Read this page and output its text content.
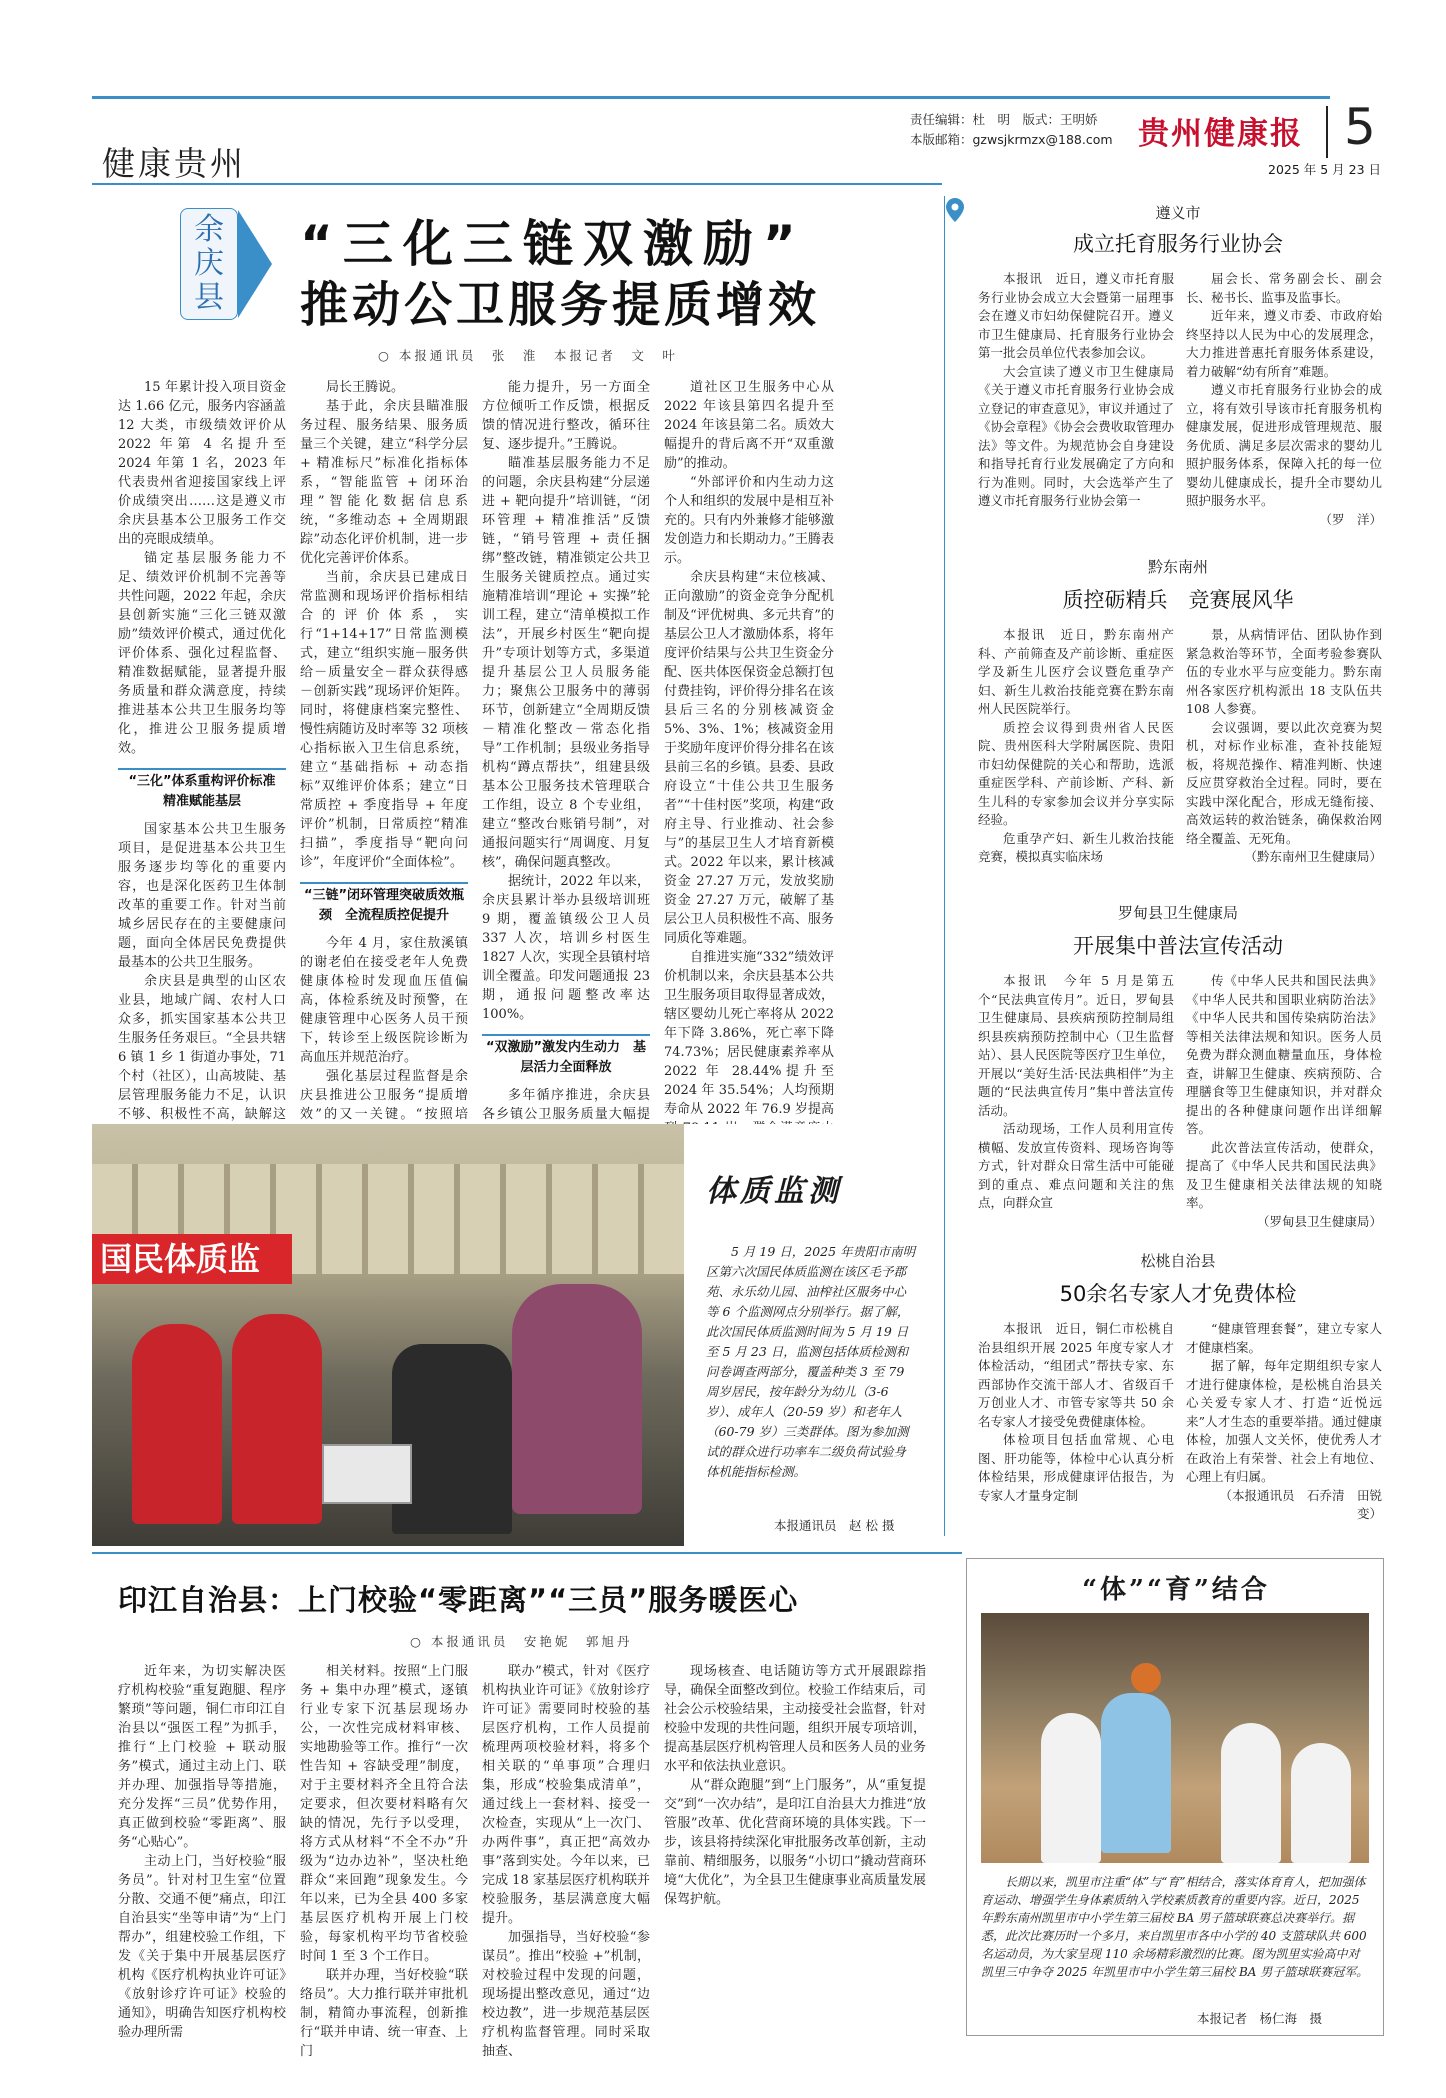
健康贵州
责任编辑：杜　明　版式：王明娇
本版邮箱：gzwsjkrmzx@188.com 贵州健康报 5
2025 年 5 月 23 日
余庆县
“三化三链双激励”
推动公卫服务提质增效
○ 本报通讯员　张　淮　本报记者　文　叶

15 年累计投入项目资金达 1.66 亿元，服务内容涵盖 12 大类，市级绩效评价从 2022 年第 4 名提升至 2024 年第 1 名，2023 年代表贵州省迎接国家线上评价成绩突出……这是遵义市余庆县基本公卫服务工作交出的亮眼成绩单。

锚定基层服务能力不足、绩效评价机制不完善等共性问题，2022 年起，余庆县创新实施“三化三链双激励”绩效评价模式，通过优化评价体系、强化过程监督、精准数据赋能，显著提升服务质量和群众满意度，持续推进基本公共卫生服务均等化，推进公卫服务提质增效。

“三化”体系重构评价标准　精准赋能基层

国家基本公共卫生服务项目，是促进基本公共卫生服务逐步均等化的重要内容，也是深化医药卫生体制改革的重要工作。针对当前城乡居民存在的主要健康问题，面向全体居民免费提供最基本的公共卫生服务。

余庆县是典型的山区农业县，地域广阔、农村人口众多，抓实国家基本公共卫生服务任务艰巨。“全县共辖 6 镇 1 乡 1 街道办事处，71 个村（社区），山高坡陡、基层管理服务能力不足，认识不够、积极性不高，缺解这

局长王腾说。

基于此，余庆县瞄准服务过程、服务结果、服务质量三个关键，建立“科学分层 + 精准标尺”标准化指标体系，“智能监管 + 闭环治理”智能化数据信息系统，“多维动态 + 全周期跟踪”动态化评价机制，进一步优化完善评价体系。

当前，余庆县已建成日常监测和现场评价指标相结合的评价体系，实行“1+14+17”日常监测模式，建立“组织实施－服务供给－质量安全－群众获得感－创新实践”现场评价矩阵。同时，将健康档案完整性、慢性病随访及时率等 32 项核心指标嵌入卫生信息系统，建立“基础指标 + 动态指标”双维评价体系；建立“日常质控 + 季度指导 + 年度评价”机制，日常质控“精准扫描”，季度指导“靶向问诊”，年度评价“全面体检”。

“三链”闭环管理突破质效瓶颈　全流程质控促提升

今年 4 月，家住敖溪镇的谢老伯在接受老年人免费健康体检时发现血压值偏高，体检系统及时预警，在健康管理中心医务人员干预下，转诊至上级医院诊断为高血压并规范治疗。

强化基层过程监督是余庆县推进公卫服务“提质增效”的又一关键。“按照培

能力提升，另一方面全方位倾听工作反馈，根据反馈的情况进行整改，循环往复、逐步提升。”王腾说。

瞄准基层服务能力不足的问题，余庆县构建“分层递进 + 靶向提升”培训链，“闭环管理 + 精准推活”反馈链，“销号管理 + 责任捆绑”整改链，精准锁定公共卫生服务关键质控点。通过实施精准培训“理论 + 实操”轮训工程，建立“清单模拟工作法”，开展乡村医生“靶向提升”专项计划等方式，多渠道提升基层公卫人员服务能力；聚焦公卫服务中的薄弱环节，创新建立“全周期反馈－精准化整改－常态化指导”工作机制；县级业务指导机构“蹲点帮扶”，组建县级基本公卫服务技术管理联合工作组，设立 8 个专业组，建立“整改台账销号制”，对通报问题实行“周调度、月复核”，确保问题真整改。

据统计，2022 年以来，余庆县累计举办县级培训班 9 期，覆盖镇级公卫人员 337 人次，培训乡村医生 1827 人次，实现全县镇村培训全覆盖。印发问题通报 23 期，通报问题整改率达 100%。

“双激励”激发内生动力　基层活力全面释放

多年循序推进，余庆县各乡镇公卫服务质量大幅提

道社区卫生服务中心从 2022 年该县第四名提升至 2024 年该县第二名。质效大幅提升的背后离不开“双重激励”的推动。

“外部评价和内生动力这个人和组织的发展中是相互补充的。只有内外兼修才能够激发创造力和长期动力。”王腾表示。

余庆县构建“末位核减、正向激励”的资金竞争分配机制及“评优树典、多元共育”的基层公卫人才激励体系，将年度评价结果与公共卫生资金分配、医共体医保资金总额打包付费挂钩，评价得分排名在该县后三名的分别核减资金 5%、3%、1%；核减资金用于奖励年度评价得分排名在该县前三名的乡镇。县委、县政府设立“十佳公共卫生服务者”“十佳村医”奖项，构建“政府主导、行业推动、社会参与”的基层卫生人才培育新模式。2022 年以来，累计核减资金 27.27 万元，发放奖励资金 27.27 万元，破解了基层公卫人员积极性不高、服务同质化等难题。

自推进实施“332”绩效评价机制以来，余庆县基本公共卫生服务项目取得显著成效，辖区婴幼儿死亡率将从 2022 年下降 3.86%，死亡率下降 74.73%；居民健康素养率从 2022 年 28.44%提升至 2024 年 35.54%；人均预期寿命从 2022 年 76.9 岁提高

国民体质监
体质监测
5 月 19 日，2025 年贵阳市南明区第六次国民体质监测在该区毛予郡苑、永乐幼儿园、油榨社区服务中心等 6 个监测网点分别举行。据了解，此次国民体质监测时间为 5 月 19 日至 5 月 23 日，监测包括体质检测和问卷调查两部分，覆盖种类 3 至 79 周岁居民，按年龄分为幼儿（3-6 岁）、成年人（20-59 岁）和老年人（60-79 岁）三类群体。图为参加测试的群众进行功率车二级负荷试验身体机能指标检测。
本报通讯员　赵 松 摄
遵义市
成立托育服务行业协会

本报讯　近日，遵义市托育服务行业协会成立大会暨第一届理事会在遵义市妇幼保健院召开。遵义市卫生健康局、托育服务行业协会第一批会员单位代表参加会议。

大会宣读了遵义市卫生健康局《关于遵义市托育服务行业协会成立登记的审查意见》，审议并通过了《协会章程》《协会会费收取管理办法》等文件。为规范协会自身建设和指导托育行业发展确定了方向和行为准则。同时，大会选举产生了遵义市托育服务行业协会第一

届会长、常务副会长、副会长、秘书长、监事及监事长。

近年来，遵义市委、市政府始终坚持以人民为中心的发展理念，大力推进普惠托育服务体系建设，着力破解“幼有所育”难题。

遵义市托育服务行业协会的成立，将有效引导该市托育服务机构健康发展，促进形成管理规范、服务优质、满足多层次需求的婴幼儿照护服务体系，保障入托的每一位婴幼儿健康成长，提升全市婴幼儿照护服务水平。

（罗　洋）

黔东南州
质控砺精兵　竞赛展风华

本报讯　近日，黔东南州产科、产前筛查及产前诊断、重症医学及新生儿医疗会议暨危重孕产妇、新生儿救治技能竞赛在黔东南州人民医院举行。

质控会议得到贵州省人民医院、贵州医科大学附属医院、贵阳市妇幼保健院的关心和帮助，选派重症医学科、产前诊断、产科、新生儿科的专家参加会议并分享实际经验。

危重孕产妇、新生儿救治技能竞赛，模拟真实临床场

景，从病情评估、团队协作到紧急救治等环节，全面考验参赛队伍的专业水平与应变能力。黔东南州各家医疗机构派出 18 支队伍共 108 人参赛。

会议强调，要以此次竞赛为契机，对标作业标准，查补技能短板，将规范操作、精准判断、快速反应贯穿救治全过程。同时，要在实践中深化配合，形成无缝衔接、高效运转的救治链条，确保救治网络全覆盖、无死角。

（黔东南州卫生健康局）

罗甸县卫生健康局
开展集中普法宣传活动

本报讯　今年 5 月是第五个“民法典宣传月”。近日，罗甸县卫生健康局、县疾病预防控制局组织县疾病预防控制中心（卫生监督站）、县人民医院等医疗卫生单位，开展以“美好生活·民法典相伴”为主题的“民法典宣传月”集中普法宣传活动。

活动现场，工作人员利用宣传横幅、发放宣传资料、现场咨询等方式，针对群众日常生活中可能碰到的重点、难点问题和关注的焦点，向群众宣

传《中华人民共和国民法典》《中华人民共和国职业病防治法》《中华人民共和国传染病防治法》等相关法律法规和知识。医务人员免费为群众测血糖量血压，身体检查，讲解卫生健康、疾病预防、合理膳食等卫生健康知识，并对群众提出的各种健康问题作出详细解答。

此次普法宣传活动，使群众，提高了《中华人民共和国民法典》及卫生健康相关法律法规的知晓率。

（罗甸县卫生健康局）

松桃自治县
50余名专家人才免费体检

本报讯　近日，铜仁市松桃自治县组织开展 2025 年度专家人才体检活动，“组团式”帮扶专家、东西部协作交流干部人才、省级百千万创业人才、市管专家等共 50 余名专家人才接受免费健康体检。

体检项目包括血常规、心电图、肝功能等，体检中心认真分析体检结果，形成健康评估报告，为专家人才量身定制

“健康管理套餐”，建立专家人才健康档案。

据了解，每年定期组织专家人才进行健康体检，是松桃自治县关心关爱专家人才、打造“近悦远来”人才生态的重要举措。通过健康体检，加强人文关怀，使优秀人才在政治上有荣誉、社会上有地位、心理上有归属。

（本报通讯员　石乔清　田锐变）

印江自治县：上门校验“零距离”“三员”服务暖医心
○ 本报通讯员　安艳妮　郭旭丹

近年来，为切实解决医疗机构校验“重复跑腿、程序繁琐”等问题，铜仁市印江自治县以“强医工程”为抓手，推行“上门校验 + 联动服务”模式，通过主动上门、联并办理、加强指导等措施，充分发挥“三员”优势作用，真正做到校验“零距离”、服务“心贴心”。

主动上门，当好校验“服务员”。针对村卫生室“位置分散、交通不便”痛点，印江自治县实“坐等申请”为“上门帮办”，组建校验工作组，下发《关于集中开展基层医疗机构《医疗机构执业许可证》《放射诊疗许可证》校验的通知》，明确告知医疗机构校验办理所需

相关材料。按照“上门服务 + 集中办理”模式，逐镇行业专家下沉基层现场办公，一次性完成材料审核、实地勘验等工作。推行“一次性告知 + 容缺受理”制度，对于主要材料齐全且符合法定要求，但次要材料略有欠缺的情况，先行予以受理，将方式从材料“不全不办”升级为“边办边补”，坚决杜绝群众“来回跑”现象发生。今年以来，已为全县 400 多家基层医疗机构开展上门校验，每家机构平均节省校验时间 1 至 3 个工作日。

联并办理，当好校验“联络员”。大力推行联并审批机制，精简办事流程，创新推行“联并申请、统一审查、上门

联办”模式，针对《医疗机构执业许可证》《放射诊疗许可证》需要同时校验的基层医疗机构，工作人员提前梳理两项校验材料，将多个相关联的“单事项”合理归集，形成“校验集成清单”，通过线上一套材料、接受一次检查，实现从“上一次门、办两件事”，真正把“高效办事”落到实处。今年以来，已完成 18 家基层医疗机构联并校验服务，基层满意度大幅提升。

加强指导，当好校验“参谋员”。推出“校验 +”机制，对校验过程中发现的问题，现场提出整改意见，通过“边校边教”，进一步规范基层医疗机构监督管理。同时采取抽查、

现场核查、电话随访等方式开展跟踪指导，确保全面整改到位。校验工作结束后，司社会公示校验结果，主动接受社会监督，针对校验中发现的共性问题，组织开展专项培训，提高基层医疗机构管理人员和医务人员的业务水平和依法执业意识。

从“群众跑腿”到“上门服务”，从“重复提交”到“一次办结”，是印江自治县大力推进“放管服”改革、优化营商环境的具体实践。下一步，该县将持续深化审批服务改革创新，主动靠前、精细服务，以服务“小切口”撬动营商环境“大优化”，为全县卫生健康事业高质量发展保驾护航。

“体”“育”结合
长期以来，凯里市注重“体”与“育”相结合，落实体育育人，把加强体育运动、增强学生身体素质纳入学校素质教育的重要内容。近日，2025 年黔东南州凯里市中小学生第三届校 BA 男子篮球联赛总决赛举行。据悉，此次比赛历时一个多月，来自凯里市各中小学的 40 支篮球队共 600 名运动员，为大家呈现 110 余场精彩激烈的比赛。图为凯里实验高中对凯里三中争夺 2025 年凯里市中小学生第三届校 BA 男子篮球联赛冠军。
本报记者　杨仁海　摄
